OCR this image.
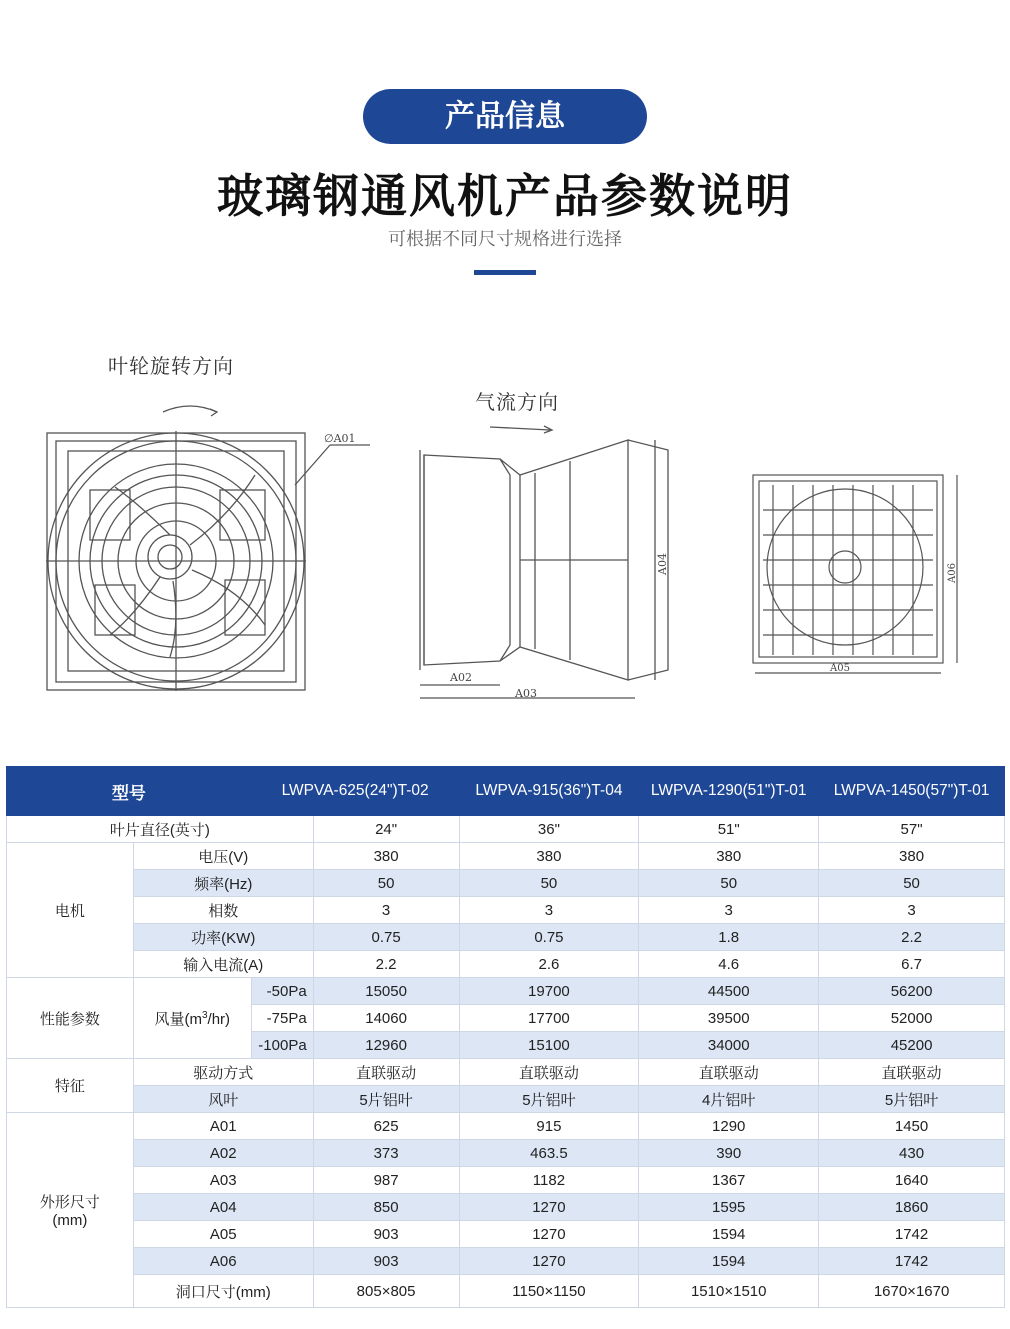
产品信息
玻璃钢通风机产品参数说明
可根据不同尺寸规格进行选择
叶轮旋转方向
气流方向
∅A01
A02
A03
A04
A05
A06
型号		LWPVA-625(24")T-02		LWPVA-915(36")T-04	LWPVA-1290(51")T-01	LWPVA-1450(57")T-01
叶片直径(英寸)			24"	36"	51"	57"
电机	电压(V)		380	380	380	380
	频率(Hz)		50	50	50	50
	相数		3	3	3	3
	功率(KW)		0.75	0.75	1.8	2.2
	输入电流(A)		2.2	2.6	4.6	6.7
性能参数	风量$(m^3/hr)$	-50Pa	15050	19700	44500	56200
		-75Pa	14060	17700	39500	52000
		-100Pa	12960	15100	34000	45200
特征	驱动方式		直联驱动	直联驱动	直联驱动	直联驱动
	风叶		5片铝叶	5片铝叶	4片铝叶	5片铝叶
外形尺寸
(mm)	A01		625	915	1290	1450
	A02		373	463.5	390	430
	A03		987	1182	1367	1640
	A04		850	1270	1595	1860
	A05		903	1270	1594	1742
	A06		903	1270	1594	1742
	洞口尺寸(mm)		805×805	1150×1150	1510×1510	1670×1670
